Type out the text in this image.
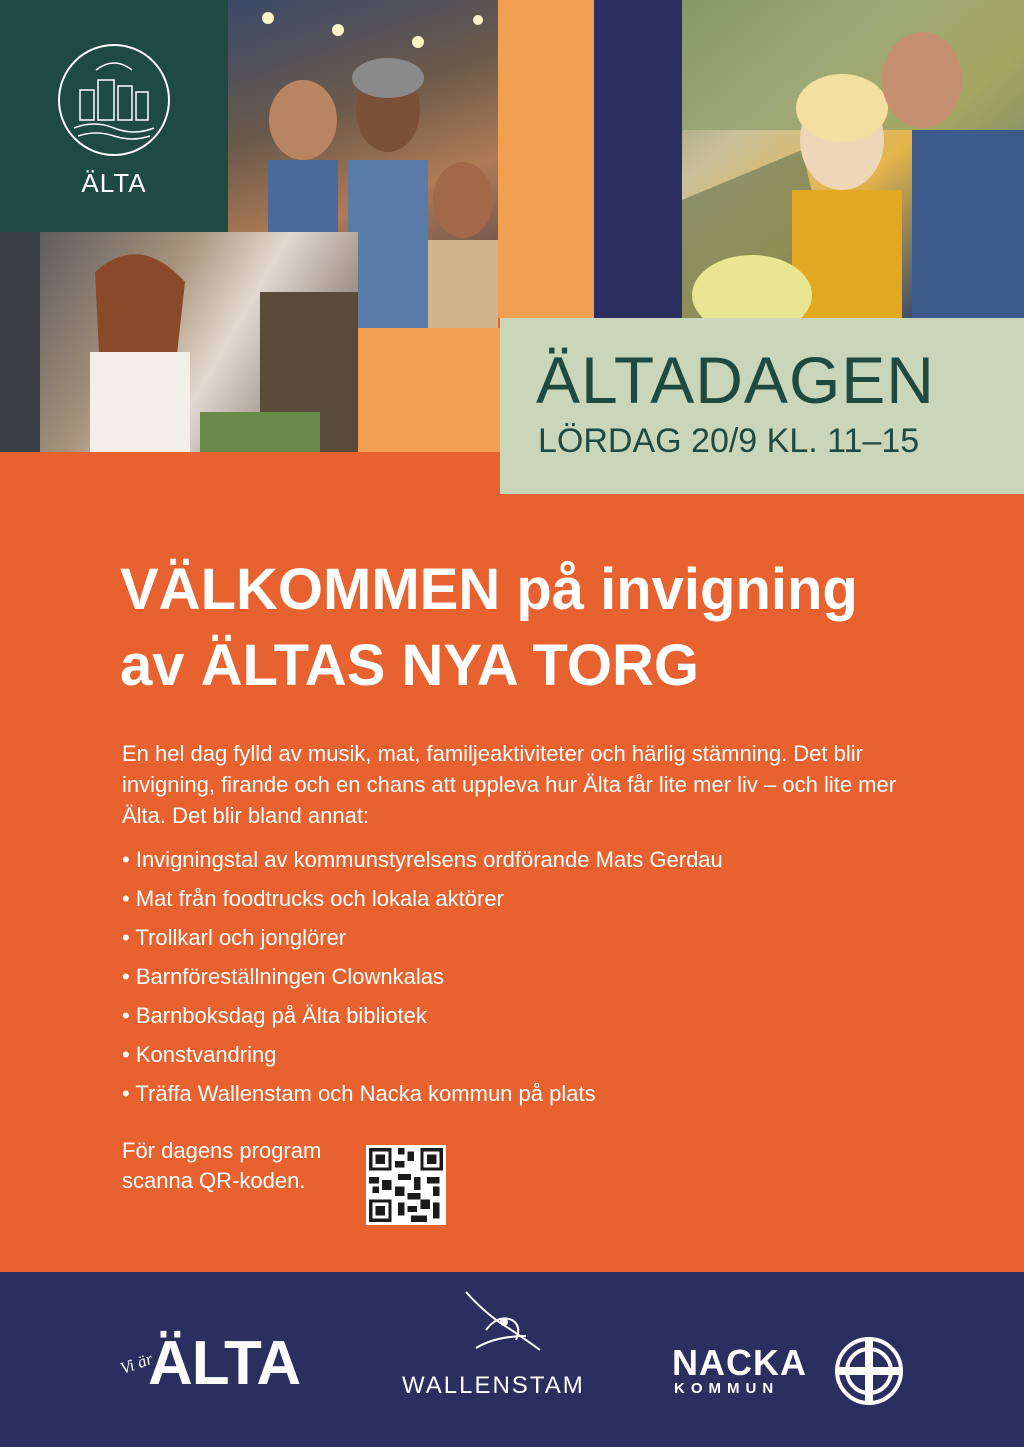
ÄLTA
ÄLTADAGEN
LÖRDAG 20/9 KL. 11–15
VÄLKOMMEN på invigning
av ÄLTAS NYA TORG

En hel dag fylld av musik, mat, familjeaktiviteter och härlig stämning. Det blir invigning, firande och en chans att uppleva hur Älta får lite mer liv – och lite mer Älta. Det blir bland annat:

• Invigningstal av kommunstyrelsens ordförande Mats Gerdau
• Mat från foodtrucks och lokala aktörer
• Trollkarl och jonglörer
• Barnföreställningen Clownkalas
• Barnboksdag på Älta bibliotek
• Konstvandring
• Träffa Wallenstam och Nacka kommun på plats
För dagens program
scanna QR-koden.
Vi är
ÄLTA	WALLENSTAM
NACKA
KOMMUN
